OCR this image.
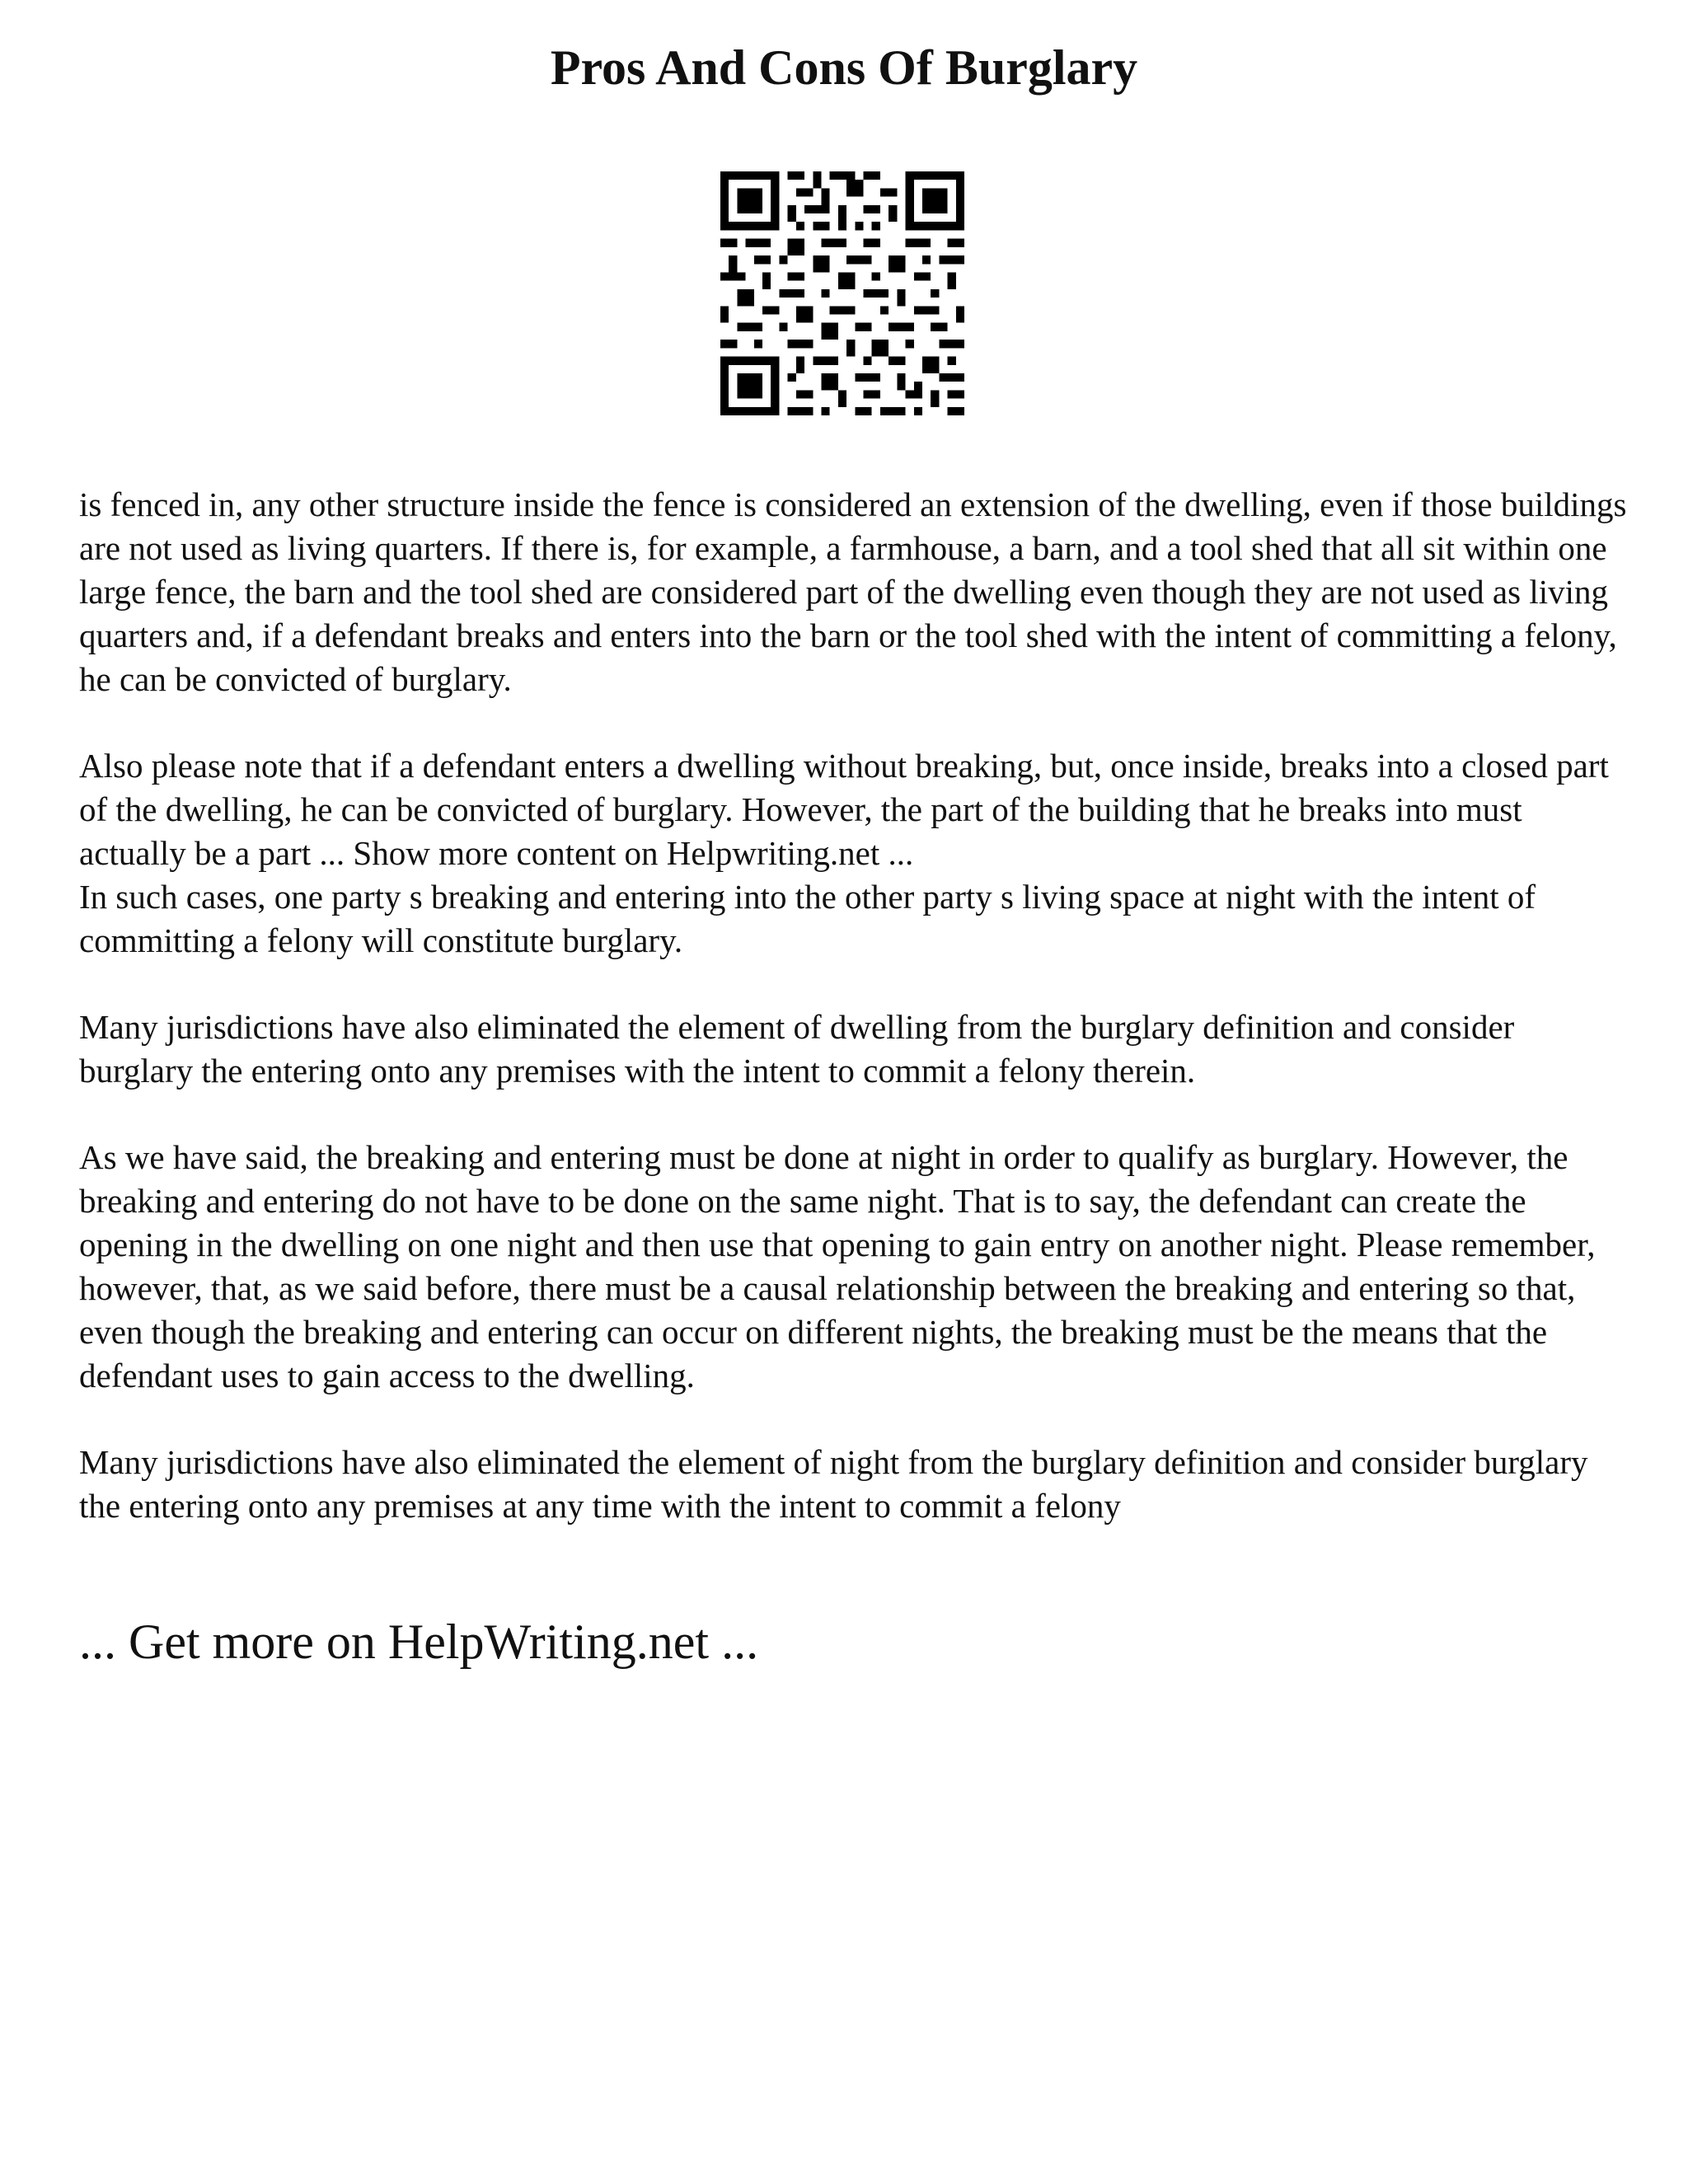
Pros And Cons Of Burglary

is fenced in, any other structure inside the fence is considered an extension of the dwelling, even if those buildings are not used as living quarters. If there is, for example, a farmhouse, a barn, and a tool shed that all sit within one large fence, the barn and the tool shed are considered part of the dwelling even though they are not used as living quarters and, if a defendant breaks and enters into the barn or the tool shed with the intent of committing a felony, he can be convicted of burglary.

Also please note that if a defendant enters a dwelling without breaking, but, once inside, breaks into a closed part of the dwelling, he can be convicted of burglary. However, the part of the building that he breaks into must actually be a part ... Show more content on Helpwriting.net ...

In such cases, one party s breaking and entering into the other party s living space at night with the intent of committing a felony will constitute burglary.

Many jurisdictions have also eliminated the element of dwelling from the burglary definition and consider burglary the entering onto any premises with the intent to commit a felony therein.

As we have said, the breaking and entering must be done at night in order to qualify as burglary. However, the breaking and entering do not have to be done on the same night. That is to say, the defendant can create the opening in the dwelling on one night and then use that opening to gain entry on another night. Please remember, however, that, as we said before, there must be a causal relationship between the breaking and entering so that, even though the breaking and entering can occur on different nights, the breaking must be the means that the defendant uses to gain access to the dwelling.

Many jurisdictions have also eliminated the element of night from the burglary definition and consider burglary the entering onto any premises at any time with the intent to commit a felony

... Get more on HelpWriting.net ...
